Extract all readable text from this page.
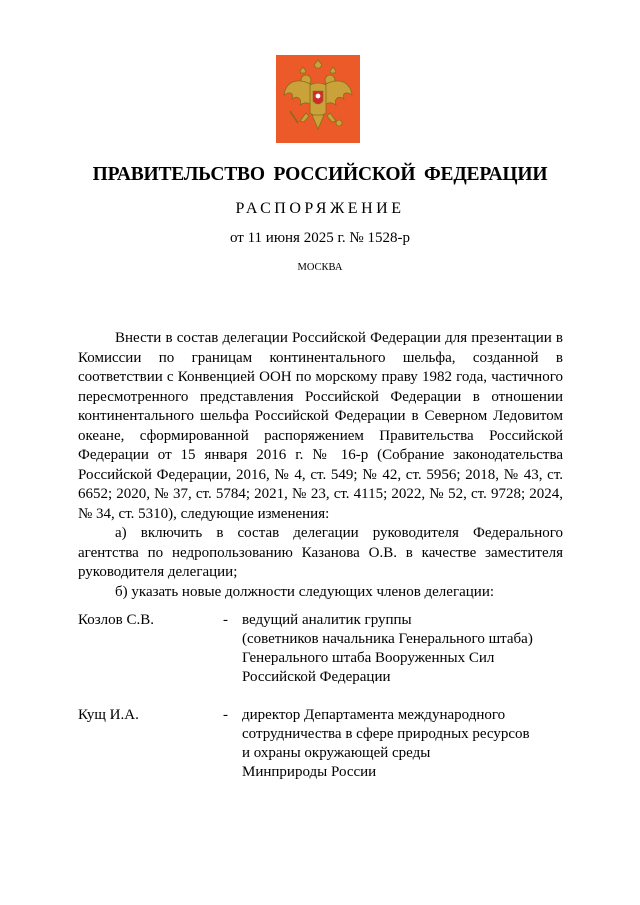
ПРАВИТЕЛЬСТВО РОССИЙСКОЙ ФЕДЕРАЦИИ
РАСПОРЯЖЕНИЕ
от 11 июня 2025 г. № 1528-р
МОСКВА

Внести в состав делегации Российской Федерации для презентации в Комиссии по границам континентального шельфа, созданной в соответствии с Конвенцией ООН по морскому праву 1982 года, частичного пересмотренного представления Российской Федерации в отношении континентального шельфа Российской Федерации в Северном Ледовитом океане, сформированной распоряжением Правительства Российской Федерации от 15 января 2016 г. № 16-р (Собрание законодательства Российской Федерации, 2016, № 4, ст. 549; № 42, ст. 5956; 2018, № 43, ст. 6652; 2020, № 37, ст. 5784; 2021, № 23, ст. 4115; 2022, № 52, ст. 9728; 2024, № 34, ст. 5310), следующие изменения:

а) включить в состав делегации руководителя Федерального агентства по недропользованию Казанова О.В. в качестве заместителя руководителя делегации;

б) указать новые должности следующих членов делегации:

Козлов С.В.	- ведущий аналитик группы
(советников начальника Генерального штаба)
Генерального штаба Вооруженных Сил
Российской Федерации
Кущ И.А.	- директор Департамента международного
сотрудничества в сфере природных ресурсов
и охраны окружающей среды
Минприроды России
